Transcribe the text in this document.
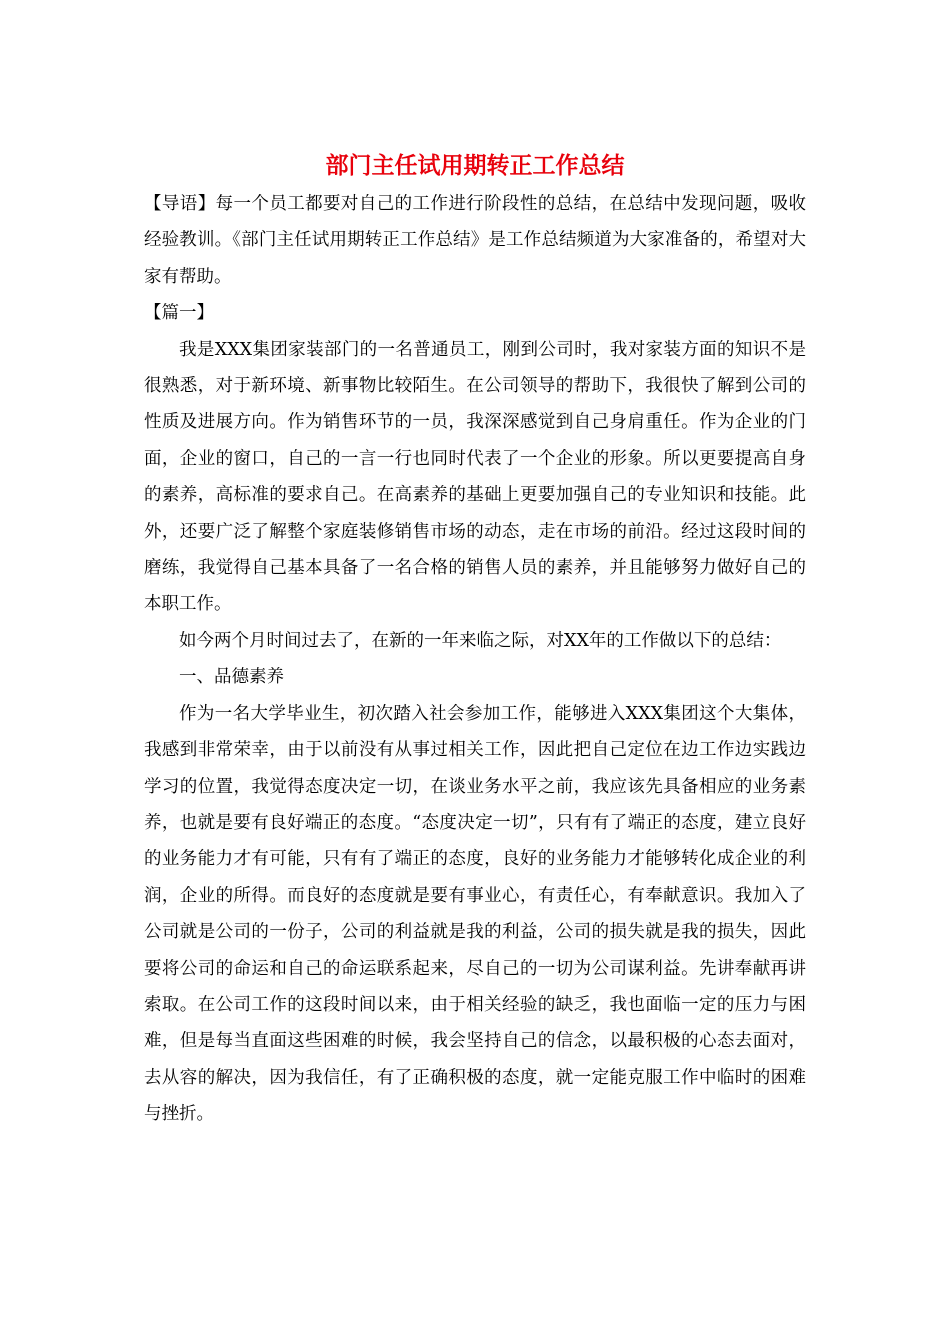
部门主任试用期转正工作总结

【导语】每一个员工都要对自己的工作进行阶段性的总结，在总结中发现问题，吸收经验教训。《部门主任试用期转正工作总结》是工作总结频道为大家准备的，希望对大家有帮助。

【篇一】

我是XXX集团家装部门的一名普通员工，刚到公司时，我对家装方面的知识不是很熟悉，对于新环境、新事物比较陌生。在公司领导的帮助下，我很快了解到公司的性质及进展方向。作为销售环节的一员，我深深感觉到自己身肩重任。作为企业的门面，企业的窗口，自己的一言一行也同时代表了一个企业的形象。所以更要提高自身的素养，高标准的要求自己。在高素养的基础上更要加强自己的专业知识和技能。此外，还要广泛了解整个家庭装修销售市场的动态，走在市场的前沿。经过这段时间的磨练，我觉得自己基本具备了一名合格的销售人员的素养，并且能够努力做好自己的本职工作。

如今两个月时间过去了，在新的一年来临之际，对XX年的工作做以下的总结：

一、品德素养

作为一名大学毕业生，初次踏入社会参加工作，能够进入XXX集团这个大集体，我感到非常荣幸，由于以前没有从事过相关工作，因此把自己定位在边工作边实践边学习的位置，我觉得态度决定一切，在谈业务水平之前，我应该先具备相应的业务素养，也就是要有良好端正的态度。“态度决定一切”，只有有了端正的态度，建立良好的业务能力才有可能，只有有了端正的态度，良好的业务能力才能够转化成企业的利润，企业的所得。而良好的态度就是要有事业心，有责任心，有奉献意识。我加入了公司就是公司的一份子，公司的利益就是我的利益，公司的损失就是我的损失，因此要将公司的命运和自己的命运联系起来，尽自己的一切为公司谋利益。先讲奉献再讲索取。在公司工作的这段时间以来，由于相关经验的缺乏，我也面临一定的压力与困难，但是每当直面这些困难的时候，我会坚持自己的信念，以最积极的心态去面对，去从容的解决，因为我信任，有了正确积极的态度，就一定能克服工作中临时的困难与挫折。
